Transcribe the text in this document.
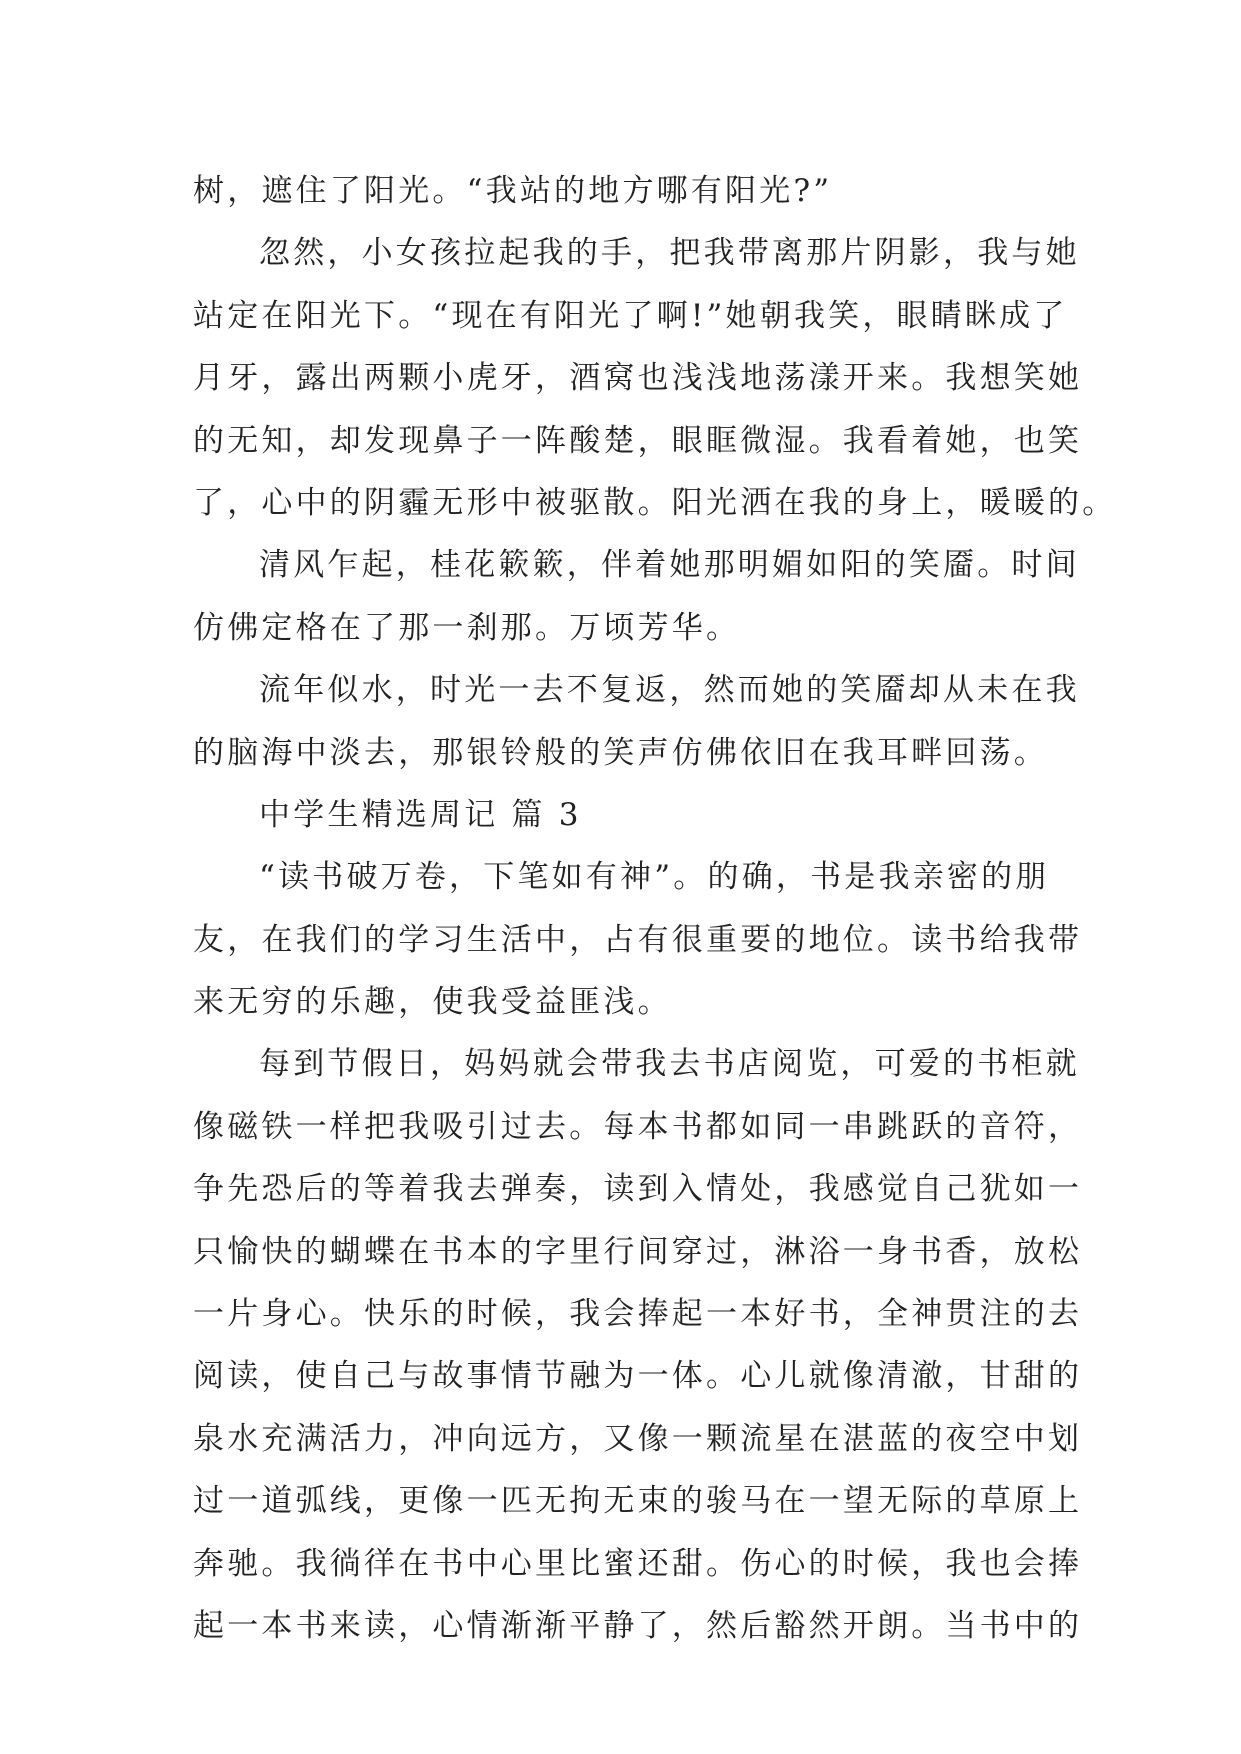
树，遮住了阳光。“我站的地方哪有阳光?”
忽然，小女孩拉起我的手，把我带离那片阴影，我与她
站定在阳光下。“现在有阳光了啊!”她朝我笑，眼睛眯成了
月牙，露出两颗小虎牙，酒窝也浅浅地荡漾开来。我想笑她
的无知，却发现鼻子一阵酸楚，眼眶微湿。我看着她，也笑
了，心中的阴霾无形中被驱散。阳光洒在我的身上，暖暖的。
清风乍起，桂花簌簌，伴着她那明媚如阳的笑靥。时间
仿佛定格在了那一刹那。万顷芳华。
流年似水，时光一去不复返，然而她的笑靥却从未在我
的脑海中淡去，那银铃般的笑声仿佛依旧在我耳畔回荡。
中学生精选周记 篇 3
“读书破万卷，下笔如有神”。的确，书是我亲密的朋
友，在我们的学习生活中，占有很重要的地位。读书给我带
来无穷的乐趣，使我受益匪浅。
每到节假日，妈妈就会带我去书店阅览，可爱的书柜就
像磁铁一样把我吸引过去。每本书都如同一串跳跃的音符，
争先恐后的等着我去弹奏，读到入情处，我感觉自己犹如一
只愉快的蝴蝶在书本的字里行间穿过，淋浴一身书香，放松
一片身心。快乐的时候，我会捧起一本好书，全神贯注的去
阅读，使自己与故事情节融为一体。心儿就像清澈，甘甜的
泉水充满活力，冲向远方，又像一颗流星在湛蓝的夜空中划
过一道弧线，更像一匹无拘无束的骏马在一望无际的草原上
奔驰。我徜徉在书中心里比蜜还甜。伤心的时候，我也会捧
起一本书来读，心情渐渐平静了，然后豁然开朗。当书中的
